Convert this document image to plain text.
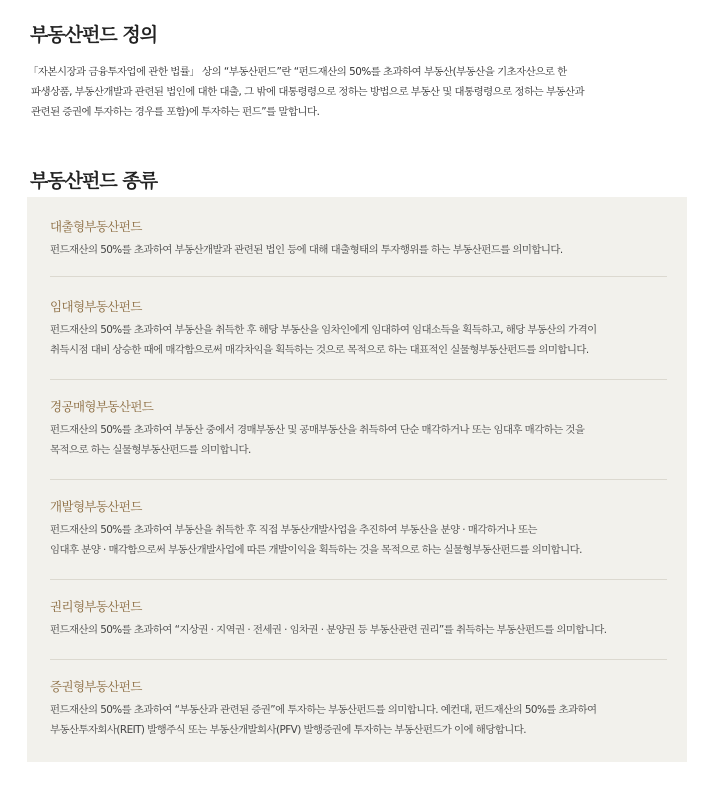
부동산펀드 정의

「자본시장과 금융투자업에 관한 법률」 상의 “부동산펀드”란 “펀드재산의 50%를 초과하여 부동산(부동산을 기초자산으로 한
파생상품, 부동산개발과 관련된 법인에 대한 대출, 그 밖에 대통령령으로 정하는 방법으로 부동산 및 대통령령으로 정하는 부동산과
관련된 증권에 투자하는 경우를 포함)에 투자하는 펀드”를 말합니다.

부동산펀드 종류
대출형부동산펀드

펀드재산의 50%를 초과하여 부동산개발과 관련된 법인 등에 대해 대출형태의 투자행위를 하는 부동산펀드를 의미합니다.

임대형부동산펀드

펀드재산의 50%를 초과하여 부동산을 취득한 후 해당 부동산을 임차인에게 임대하여 임대소득을 획득하고, 해당 부동산의 가격이
취득시점 대비 상승한 때에 매각함으로써 매각차익을 획득하는 것으로 목적으로 하는 대표적인 실물형부동산펀드를 의미합니다.

경공매형부동산펀드

펀드재산의 50%를 초과하여 부동산 중에서 경매부동산 및 공매부동산을 취득하여 단순 매각하거나 또는 임대후 매각하는 것을
목적으로 하는 실물형부동산펀드를 의미합니다.

개발형부동산펀드

펀드재산의 50%를 초과하여 부동산을 취득한 후 직접 부동산개발사업을 추진하여 부동산을 분양 · 매각하거나 또는
임대후 분양 · 매각함으로써 부동산개발사업에 따른 개발이익을 획득하는 것을 목적으로 하는 실물형부동산펀드를 의미합니다.

권리형부동산펀드

펀드재산의 50%를 초과하여 “지상권 · 지역권 · 전세권 · 임차권 · 분양권 등 부동산관련 권리”를 취득하는 부동산펀드를 의미합니다.

증권형부동산펀드

펀드재산의 50%를 초과하여 “부동산과 관련된 증권”에 투자하는 부동산펀드를 의미합니다. 예컨대, 펀드재산의 50%를 초과하여
부동산투자회사(REIT) 발행주식 또는 부동산개발회사(PFV) 발행증권에 투자하는 부동산펀드가 이에 해당합니다.
